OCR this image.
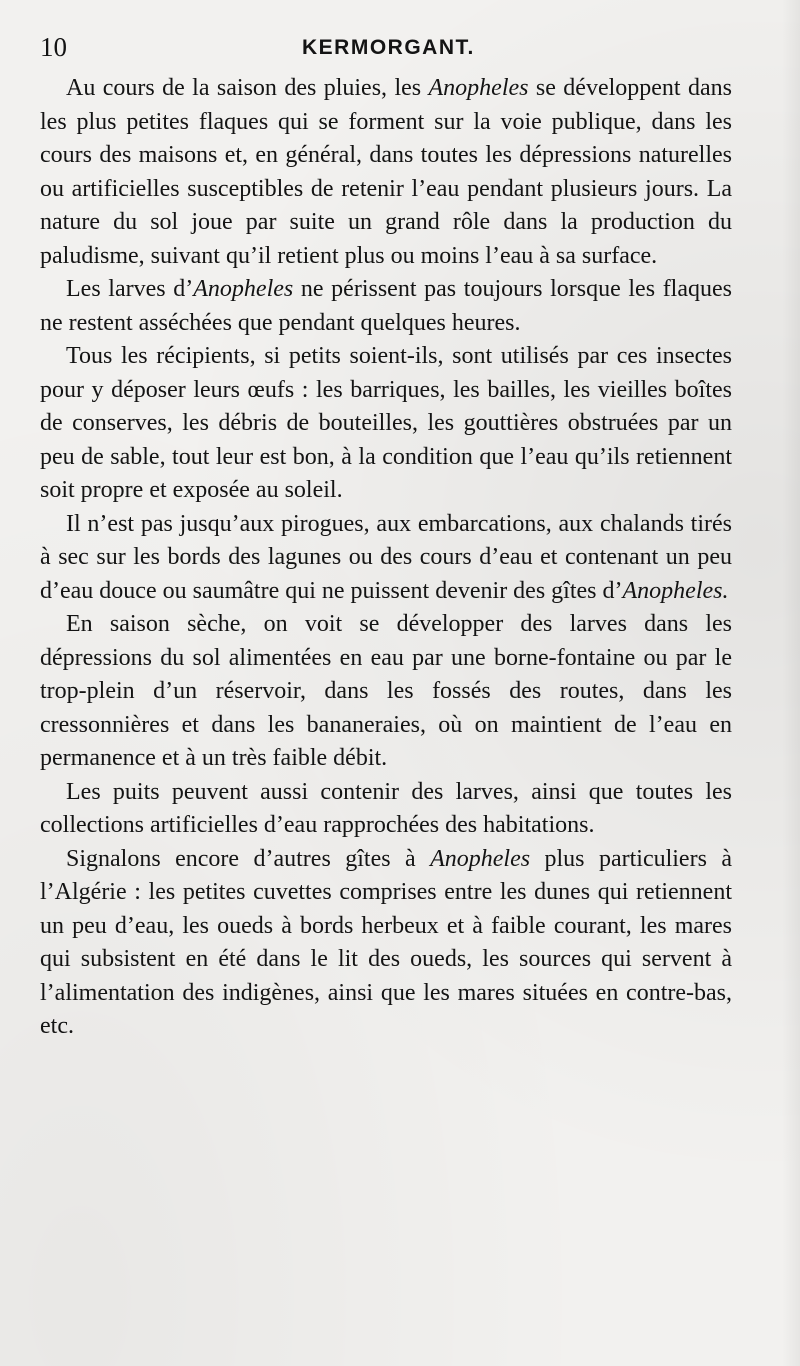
10	KERMORGANT.

Au cours de la saison des pluies, les Anopheles se développent dans les plus petites flaques qui se forment sur la voie publique, dans les cours des maisons et, en général, dans toutes les dépressions naturelles ou artificielles susceptibles de retenir l’eau pendant plusieurs jours. La nature du sol joue par suite un grand rôle dans la production du paludisme, suivant qu’il retient plus ou moins l’eau à sa surface.

Les larves d’Anopheles ne périssent pas toujours lorsque les flaques ne restent asséchées que pendant quelques heures.

Tous les récipients, si petits soient-ils, sont utilisés par ces insectes pour y déposer leurs œufs : les barriques, les bailles, les vieilles boîtes de conserves, les débris de bouteilles, les gouttières obstruées par un peu de sable, tout leur est bon, à la condition que l’eau qu’ils retiennent soit propre et exposée au soleil.

Il n’est pas jusqu’aux pirogues, aux embarcations, aux chalands tirés à sec sur les bords des lagunes ou des cours d’eau et contenant un peu d’eau douce ou saumâtre qui ne puissent devenir des gîtes d’Anopheles.

En saison sèche, on voit se développer des larves dans les dépressions du sol alimentées en eau par une borne-fontaine ou par le trop-plein d’un réservoir, dans les fossés des routes, dans les cressonnières et dans les bananeraies, où on maintient de l’eau en permanence et à un très faible débit.

Les puits peuvent aussi contenir des larves, ainsi que toutes les collections artificielles d’eau rapprochées des habitations.

Signalons encore d’autres gîtes à Anopheles plus particuliers à l’Algérie : les petites cuvettes comprises entre les dunes qui retiennent un peu d’eau, les oueds à bords herbeux et à faible courant, les mares qui subsistent en été dans le lit des oueds, les sources qui servent à l’alimentation des indigènes, ainsi que les mares situées en contre-bas, etc.
